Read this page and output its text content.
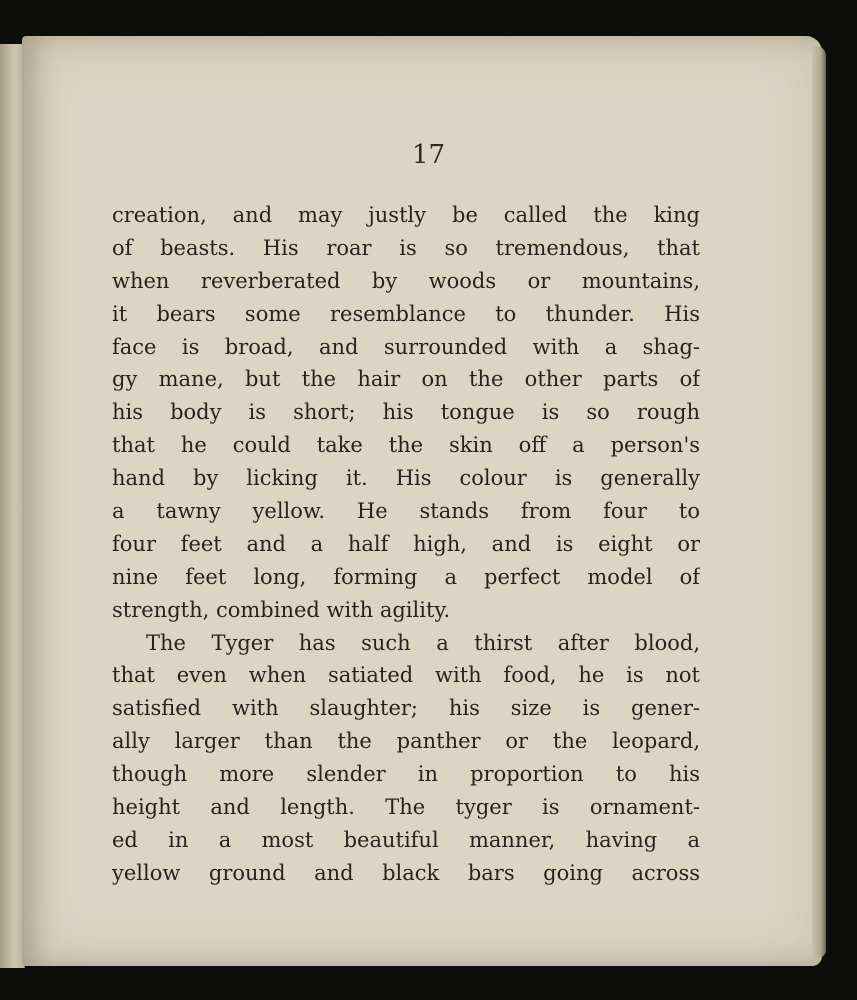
17
creation, and may justly be called the king
of beasts. His roar is so tremendous, that
when reverberated by woods or mountains,
it bears some resemblance to thunder. His
face is broad, and surrounded with a shag-
gy mane, but the hair on the other parts of
his body is short; his tongue is so rough
that he could take the skin off a person's
hand by licking it. His colour is generally
a tawny yellow. He stands from four to
four feet and a half high, and is eight or
nine feet long, forming a perfect model of
strength, combined with agility.
The Tyger has such a thirst after blood,
that even when satiated with food, he is not
satisfied with slaughter; his size is gener-
ally larger than the panther or the leopard,
though more slender in proportion to his
height and length. The tyger is ornament-
ed in a most beautiful manner, having a
yellow ground and black bars going across
